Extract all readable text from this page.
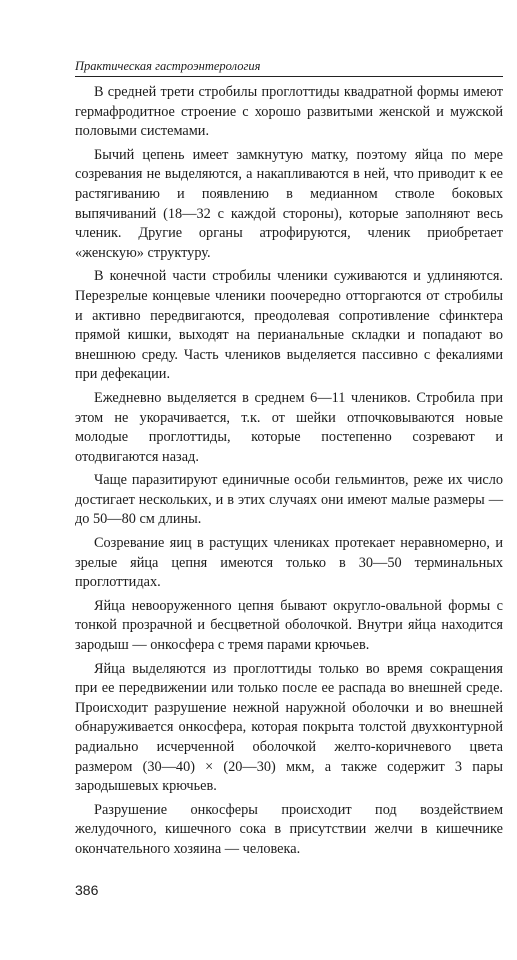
Практическая гастроэнтерология

В средней трети стробилы проглоттиды квадратной формы имеют гермафродитное строение с хорошо развитыми женской и мужской половыми системами.

Бычий цепень имеет замкнутую матку, поэтому яйца по мере созревания не выделяются, а накапливаются в ней, что приводит к ее растягиванию и появлению в медианном стволе боковых выпячиваний (18—32 с каждой стороны), которые заполняют весь членик. Другие органы атрофируются, членик приобретает «женскую» структуру.

В конечной части стробилы членики суживаются и удлиняются. Перезрелые концевые членики поочередно отторгаются от стробилы и активно передвигаются, преодолевая сопротивление сфинктера прямой кишки, выходят на перианальные складки и попадают во внешнюю среду. Часть члеников выделяется пассивно с фекалиями при дефекации.

Ежедневно выделяется в среднем 6—11 члеников. Стробила при этом не укорачивается, т.к. от шейки отпочковываются новые молодые проглоттиды, которые постепенно созревают и отодвигаются назад.

Чаще паразитируют единичные особи гельминтов, реже их число достигает нескольких, и в этих случаях они имеют малые размеры — до 50—80 см длины.

Созревание яиц в растущих члениках протекает неравномерно, и зрелые яйца цепня имеются только в 30—50 терминальных проглоттидах.

Яйца невооруженного цепня бывают округло-овальной формы с тонкой прозрачной и бесцветной оболочкой. Внутри яйца находится зародыш — онкосфера с тремя парами крючьев.

Яйца выделяются из проглоттиды только во время сокращения при ее передвижении или только после ее распада во внешней среде. Происходит разрушение нежной наружной оболочки и во внешней обнаруживается онкосфера, которая покрыта толстой двухконтурной радиально исчерченной оболочкой желто-коричневого цвета размером (30—40) × (20—30) мкм, а также содержит 3 пары зародышевых крючьев.

Разрушение онкосферы происходит под воздействием желудочного, кишечного сока в присутствии желчи в кишечнике окончательного хозяина — человека.

386
